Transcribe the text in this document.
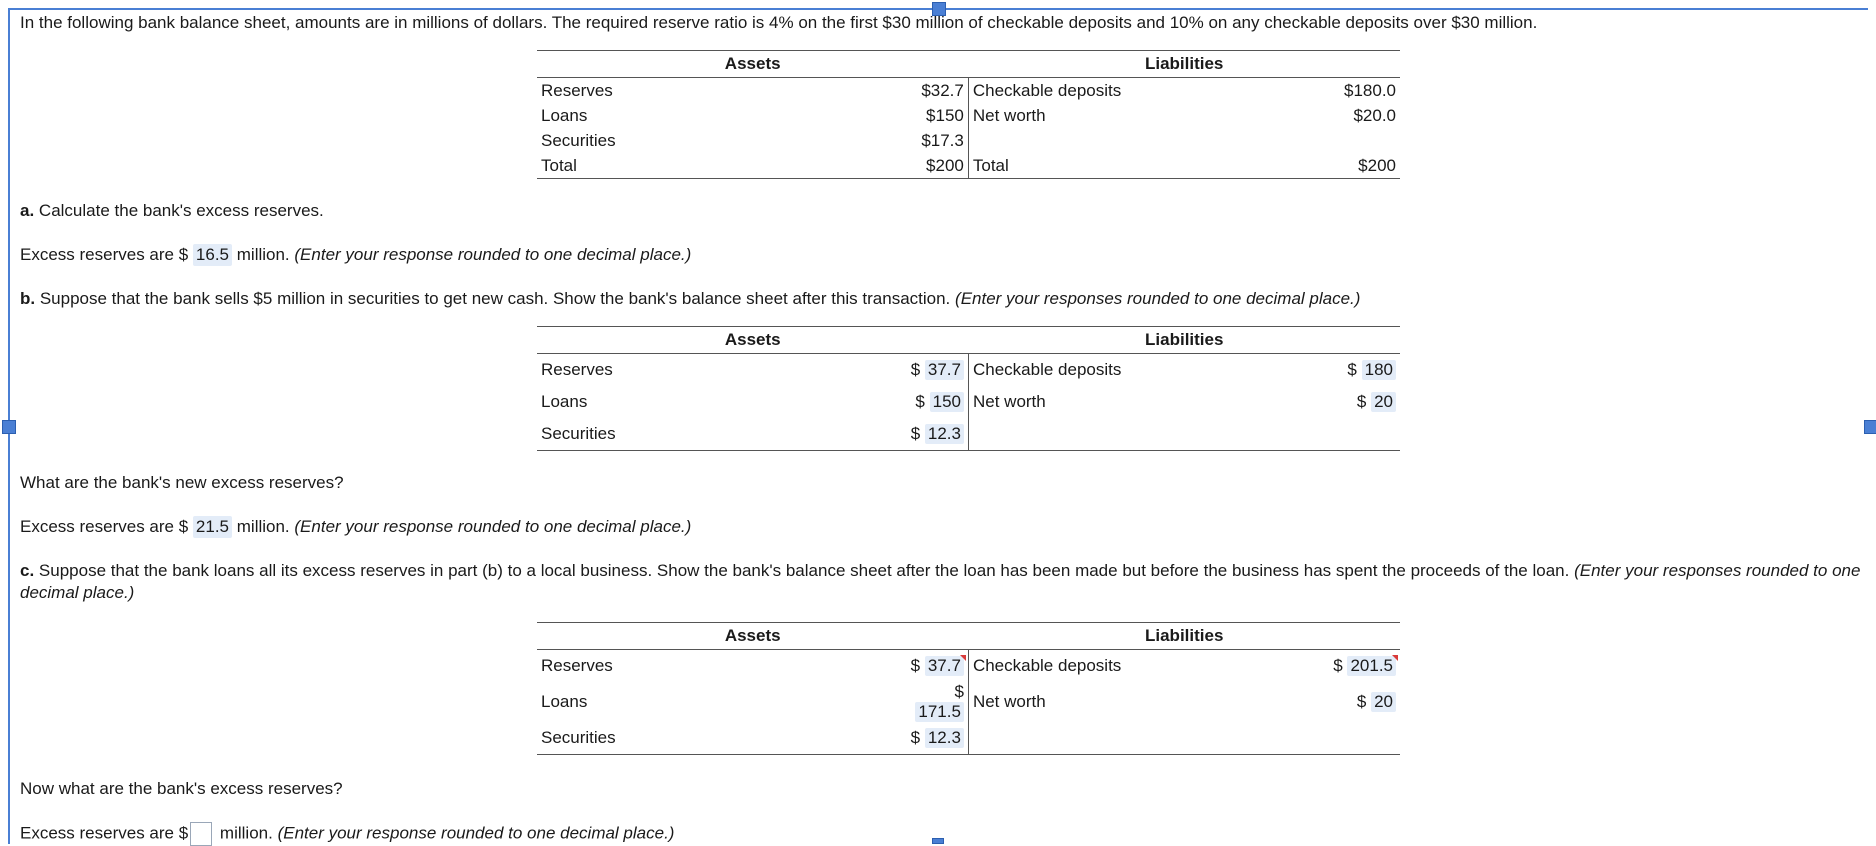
In the following bank balance sheet, amounts are in millions of dollars. The required reserve ratio is 4% on the first $30 million of checkable deposits and 10% on any checkable deposits over $30 million.
Assets		Liabilities	
Reserves	$32.7	Checkable deposits	$180.0
Loans	$150	Net worth	$20.0
Securities	$17.3		
Total	$200	Total	$200
a. Calculate the bank's excess reserves.
Excess reserves are $ 16.5 million. (Enter your response rounded to one decimal place.)
b. Suppose that the bank sells $5 million in securities to get new cash. Show the bank's balance sheet after this transaction. (Enter your responses rounded to one decimal place.)
Assets		Liabilities	
Reserves	$ 37.7	Checkable deposits	$ 180
Loans	$ 150	Net worth	$ 20
Securities	$ 12.3		
What are the bank's new excess reserves?
Excess reserves are $ 21.5 million. (Enter your response rounded to one decimal place.)
c. Suppose that the bank loans all its excess reserves in part (b) to a local business. Show the bank's balance sheet after the loan has been made but before the business has spent the proceeds of the loan. (Enter your responses rounded to one decimal place.)
Assets		Liabilities	
Reserves	$ 37.7	Checkable deposits	$ 201.5
Loans	$ 171.5	Net worth	$ 20
Securities	$ 12.3		
Now what are the bank's excess reserves?
Excess reserves are $ million. (Enter your response rounded to one decimal place.)
